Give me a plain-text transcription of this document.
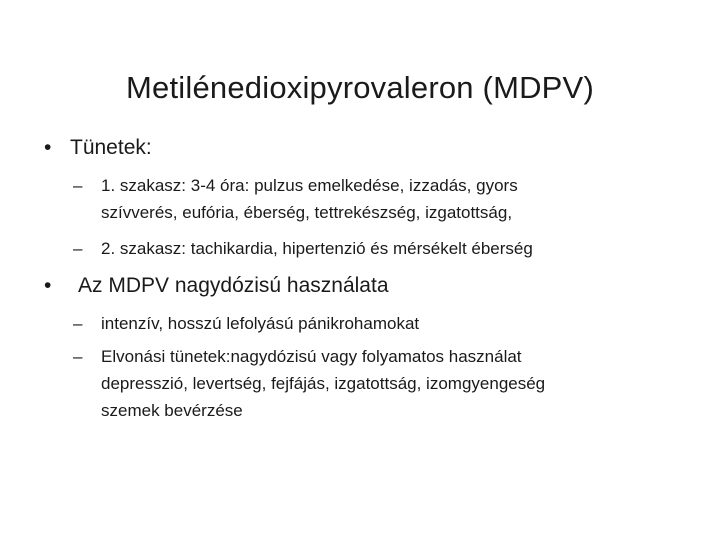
Metilénedioxipyrovaleron (MDPV)
• Tünetek:
– 1. szakasz: 3-4 óra: pulzus emelkedése, izzadás, gyors
szívverés, eufória, éberség, tettrekészség, izgatottság,
– 2. szakasz: tachikardia, hipertenzió és mérsékelt éberség
• Az MDPV nagydózisú használata
– intenzív, hosszú lefolyású pánikrohamokat
– Elvonási tünetek:nagydózisú vagy folyamatos használat
depresszió, levertség, fejfájás, izgatottság, izomgyengeség
szemek bevérzése
